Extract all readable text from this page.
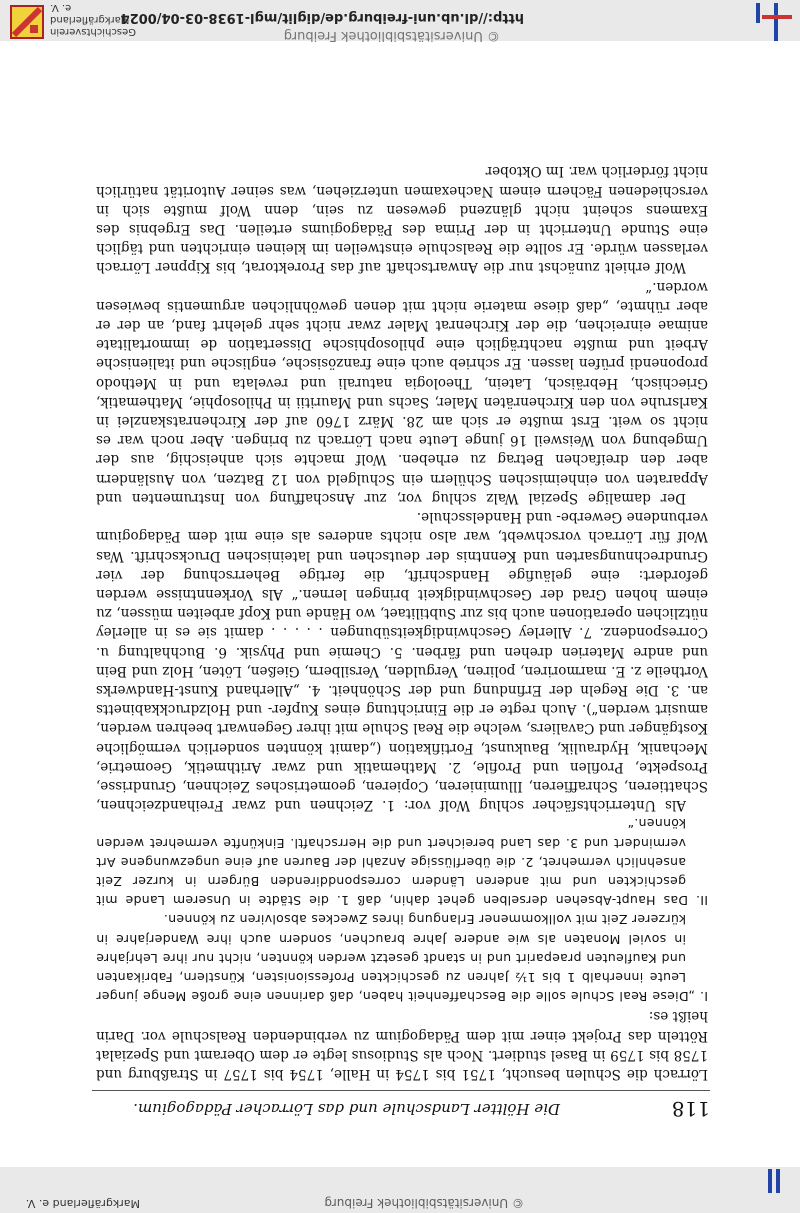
© Universitätsbibliothek Freiburg
Markgräflerland e. V.
118
Die Höltter Landschule und das Lörracher Pädagogium.

Lörrach die Schulen besucht, 1751 bis 1754 in Halle, 1754 bis 1757 in Straßburg und 1758 bis 1759 in Basel studiert. Noch als Studiosus legte er dem Oberamt und Spezialat Rötteln das Projekt einer mit dem Pädagogium zu verbindenden Realschule vor. Darin heißt es:

I. „Diese Real Schule solle die Beschaffenheit haben, daß darinnen eine große Menge junger Leute innerhalb 1 bis 1½ Jahren zu geschickten Professionisten, Künstlern, Fabrikanten und Kaufleuten praeparirt und in standt gesetzt werden könnten, nicht nur ihre Lehrjahre in soviel Monaten als wie andere Jahre brauchen, sondern auch ihre Wanderjahre in kürzerer Zeit mit vollkommener Erlangung ihres Zweckes absolviren zu können.

II. Das Haupt-Absehen derselben gehet dahin, daß 1. die Städte in Unserem Lande mit geschickten und mit anderen Ländern corresponddirenden Bürgern in kurzer Zeit ansehnlich vermehret, 2. die überflüssige Anzahl der Bauren auf eine ungezwungene Art vermindert und 3. das Land bereichert und die Herrschaftl. Einkünfte vermehret werden können.“

Als Unterrichtsfächer schlug Wolf vor: 1. Zeichnen und zwar Freihandzeichnen, Schattieren, Schraffieren, Illuminieren, Copieren, geometrisches Zeichnen, Grundrisse, Prospekte, Profilen und Profile, 2. Mathematik und zwar Arithmetik, Geometrie, Mechanik, Hydraulik, Baukunst, Fortifikation („damit könnten sonderlich vermögliche Kostgänger und Cavaliers, welche die Real Schule mit ihrer Gegenwart beehren werden, amusirt werden“). Auch regte er die Einrichtung eines Kupfer- und Holzdruckkabinetts an. 3. Die Regeln der Erfindung und der Schönheit. 4. „Allerhand Kunst-Handwerks Vortheile z. E. marmoriren, poliren, Vergulden, Versilbern, Gießen, Löten, Holz und Bein und andre Materien drehen und färben. 5. Chemie und Physik. 6. Buchhaltung u. Correspondenz. 7. Allerley Geschwindigkeitsübungen . . . . . damit sie es in allerley nützlichen operationen auch bis zur Subtilitaet, wo Hände und Kopf arbeiten müssen, zu einem hohen Grad der Geschwindigkeit bringen lernen.“ Als Vorkenntnisse werden gefordert: eine geläufige Handschrift, die fertige Beherrschung der vier Grundrechnungsarten und Kenntnis der deutschen und lateinischen Druckschrift. Was Wolf für Lörrach vorschwebt, war also nichts anderes als eine mit dem Pädagogium verbundene Gewerbe- und Handelsschule.

Der damalige Spezial Walz schlug vor, zur Anschaffung von Instrumenten und Apparaten von einheimischen Schülern ein Schulgeld von 12 Batzen, von Ausländern aber den dreifachen Betrag zu erheben. Wolf machte sich anheischig, aus der Umgebung von Weisweil 16 junge Leute nach Lörrach zu bringen. Aber noch war es nicht so weit. Erst mußte er sich am 28. März 1760 auf der Kirchenratskanzlei in Karlsruhe von den Kirchenräten Maler, Sachs und Mauritii in Philosophie, Mathematik, Griechisch, Hebräisch, Latein, Theologia naturali und revelata und in Methodo proponendi prüfen lassen. Er schrieb auch eine französische, englische und italienische Arbeit und mußte nachträglich eine philosophische Dissertation de immortalitate animae einreichen, die der Kirchenrat Maler zwar nicht sehr gelehrt fand, an der er aber rühmte, „daß diese materie nicht mit denen gewöhnlichen argumentis bewiesen worden.“

Wolf erhielt zunächst nur die Anwartschaft auf das Prorektorat, bis Kippner Lörrach verlassen würde. Er sollte die Realschule einstweilen im kleinen einrichten und täglich eine Stunde Unterricht in der Prima des Pädagogiums erteilen. Das Ergebnis des Examens scheint nicht glänzend gewesen zu sein, denn Wolf mußte sich in verschiedenen Fächern einem Nachexamen unterziehen, was seiner Autorität natürlich nicht förderlich war. Im Oktober

http://dl.ub.uni-freiburg.de/diglit/mgl-1938-03-04/0024
© Universitätsbibliothek Freiburg
Geschichtsverein
Markgräflerland e. V.
